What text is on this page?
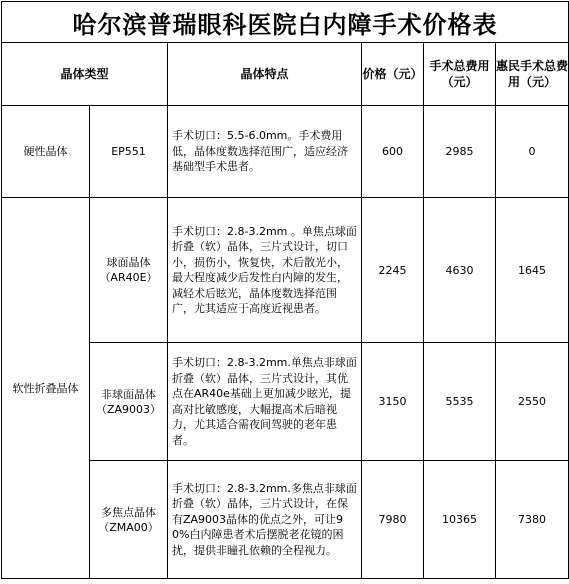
哈尔滨普瑞眼科医院白内障手术价格表					
晶体类型		晶体特点	价格（元）	手术总费用（元）	惠民手术总费用（元）
硬性晶体	EP551	手术切口：5.5-6.0mm。手术费用低，晶体度数选择范围广，适应经济基础型手术患者。	600	2985	0
软性折叠晶体	球面晶体（AR40E）	手术切口：2.8-3.2mm 。单焦点球面折叠（软）晶体，三片式设计，切口小，损伤小，恢复快，术后散光小，最大程度减少后发性白内障的发生，减轻术后眩光，晶体度数选择范围广，尤其适应于高度近视患者。	2245	4630	1645
	非球面晶体（ZA9003）	手术切口：2.8-3.2mm.单焦点非球面折叠（软）晶体，三片式设计，其优点在AR40e基础上更加减少眩光，提高对比敏感度，大幅提高术后暗视力，尤其适合需夜间驾驶的老年患者。	3150	5535	2550
	多焦点晶体（ZMA00）	手术切口：2.8-3.2mm.多焦点非球面折叠（软）晶体，三片式设计，在保有ZA9003晶体的优点之外，可让90%白内障患者术后摆脱老花镜的困扰，提供非瞳孔依赖的全程视力。	7980	10365	7380
